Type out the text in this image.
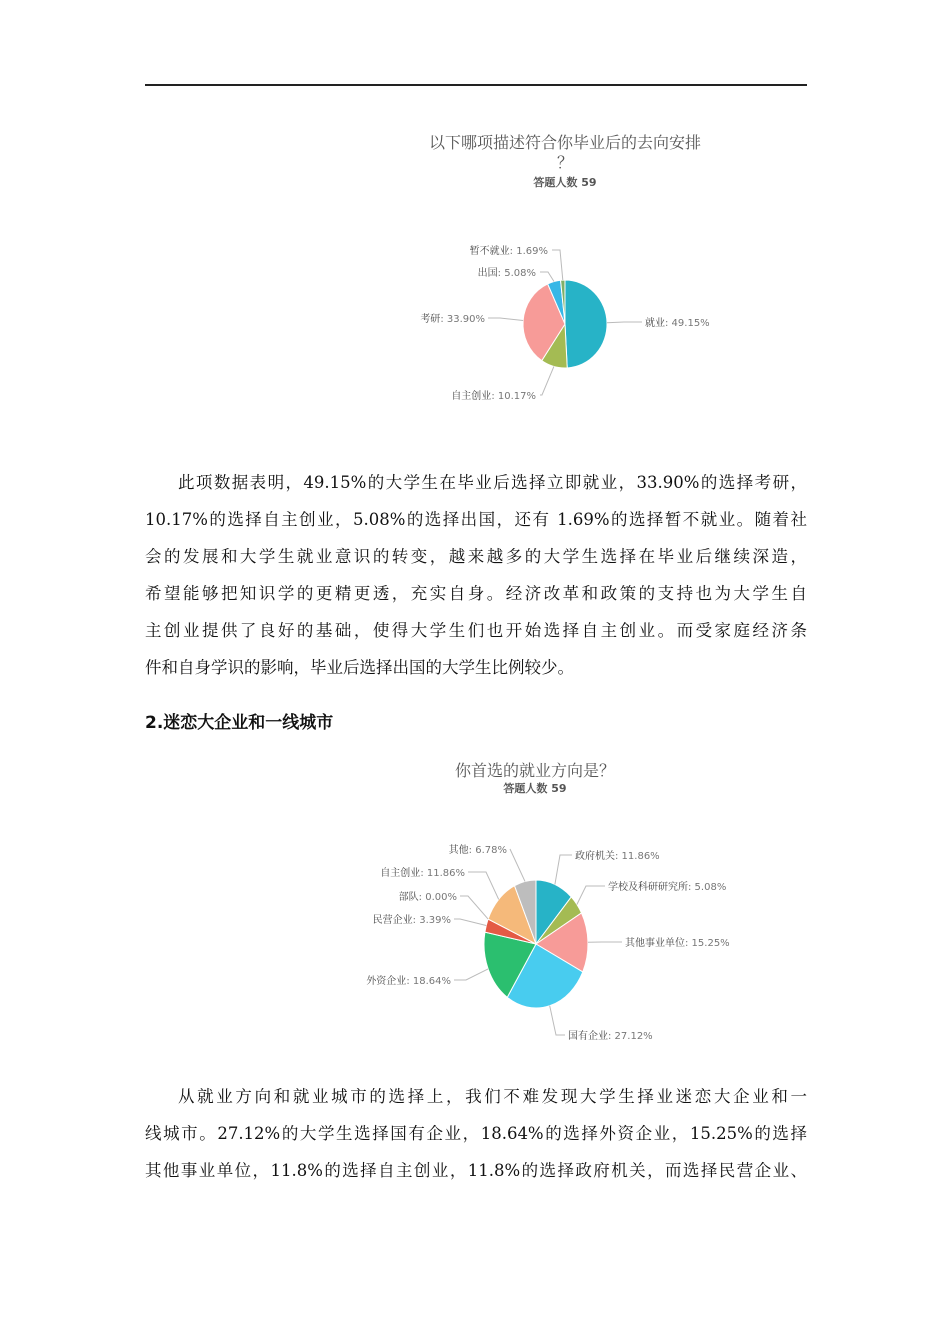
以下哪项描述符合你毕业后的去向安排
？
答题人数 59
就业: 49.15%
自主创业: 10.17%
考研: 33.90%
出国: 5.08%
暂不就业: 1.69%
此项数据表明，49.15%的大学生在毕业后选择立即就业，33.90%的选择考研，
10.17%的选择自主创业，5.08%的选择出国，还有 1.69%的选择暂不就业。随着社
会的发展和大学生就业意识的转变，越来越多的大学生选择在毕业后继续深造，
希望能够把知识学的更精更透，充实自身。经济改革和政策的支持也为大学生自
主创业提供了良好的基础，使得大学生们也开始选择自主创业。而受家庭经济条
件和自身学识的影响，毕业后选择出国的大学生比例较少。
2.迷恋大企业和一线城市
你首选的就业方向是？
答题人数 59
政府机关: 11.86%
学校及科研研究所: 5.08%
其他事业单位: 15.25%
国有企业: 27.12%
外资企业: 18.64%
民营企业: 3.39%
部队: 0.00%
自主创业: 11.86%
其他: 6.78%
从就业方向和就业城市的选择上，我们不难发现大学生择业迷恋大企业和一
线城市。27.12%的大学生选择国有企业，18.64%的选择外资企业，15.25%的选择
其他事业单位，11.8%的选择自主创业，11.8%的选择政府机关，而选择民营企业、
